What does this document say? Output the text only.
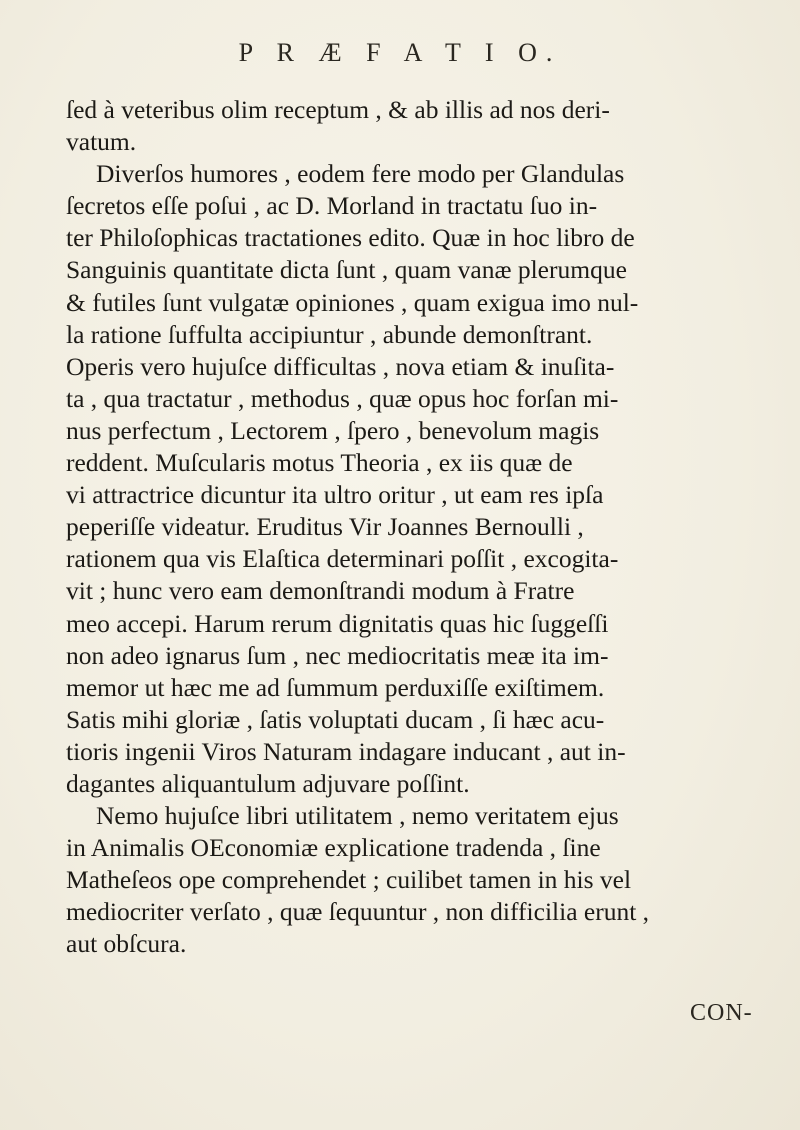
P R Æ F A T I O.
ſed à veteribus olim receptum , & ab illis ad nos deri-
vatum.
Diverſos humores , eodem fere modo per Glandulas
ſecretos eſſe poſui , ac D. Morland in tractatu ſuo in-
ter Philoſophicas tractationes edito. Quæ in hoc libro de
Sanguinis quantitate dicta ſunt , quam vanæ plerumque
& futiles ſunt vulgatæ opiniones , quam exigua imo nul-
la ratione ſuffulta accipiuntur , abunde demonſtrant.
Operis vero hujuſce difficultas , nova etiam & inuſita-
ta , qua tractatur , methodus , quæ opus hoc forſan mi-
nus perfectum , Lectorem , ſpero , benevolum magis
reddent. Muſcularis motus Theoria , ex iis quæ de
vi attractrice dicuntur ita ultro oritur , ut eam res ipſa
peperiſſe videatur. Eruditus Vir Joannes Bernoulli ,
rationem qua vis Elaſtica determinari poſſit , excogita-
vit ; hunc vero eam demonſtrandi modum à Fratre
meo accepi. Harum rerum dignitatis quas hic ſuggeſſi
non adeo ignarus ſum , nec mediocritatis meæ ita im-
memor ut hæc me ad ſummum perduxiſſe exiſtimem.
Satis mihi gloriæ , ſatis voluptati ducam , ſi hæc acu-
tioris ingenii Viros Naturam indagare inducant , aut in-
dagantes aliquantulum adjuvare poſſint.
Nemo hujuſce libri utilitatem , nemo veritatem ejus
in Animalis OEconomiæ explicatione tradenda , ſine
Matheſeos ope comprehendet ; cuilibet tamen in his vel
mediocriter verſato , quæ ſequuntur , non difficilia erunt ,
aut obſcura.
CON-
